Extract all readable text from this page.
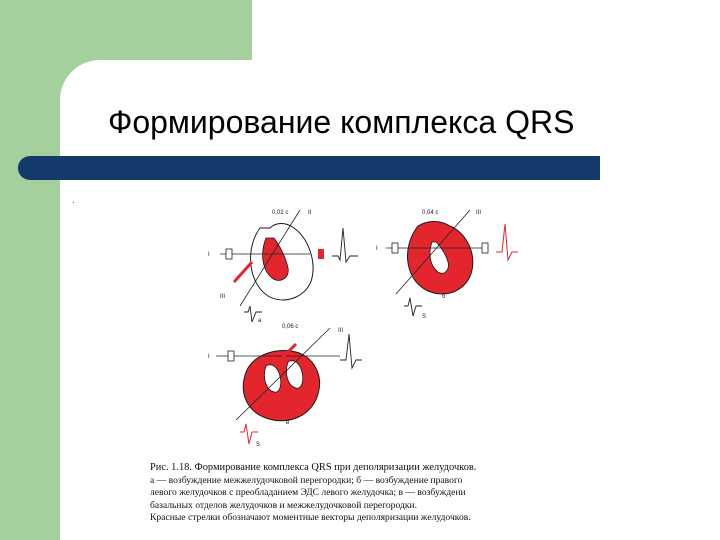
Формирование комплекса QRS
.
0,02 с
I
III
II
а
0,04 с	III
I
S
б
0,06 с
III
I
S
в
Рис. 1.18. Формирование комплекса QRS при деполяризации желудочков.
а — возбуждение межжелудочковой перегородки; б — возбуждение правого
левого желудочков с преобладанием ЭДС левого желудочка; в — возбуждени
базальных отделов желудочков и межжелудочковой перегородки.
Красные стрелки обозначают моментные векторы деполяризации желудочков.
